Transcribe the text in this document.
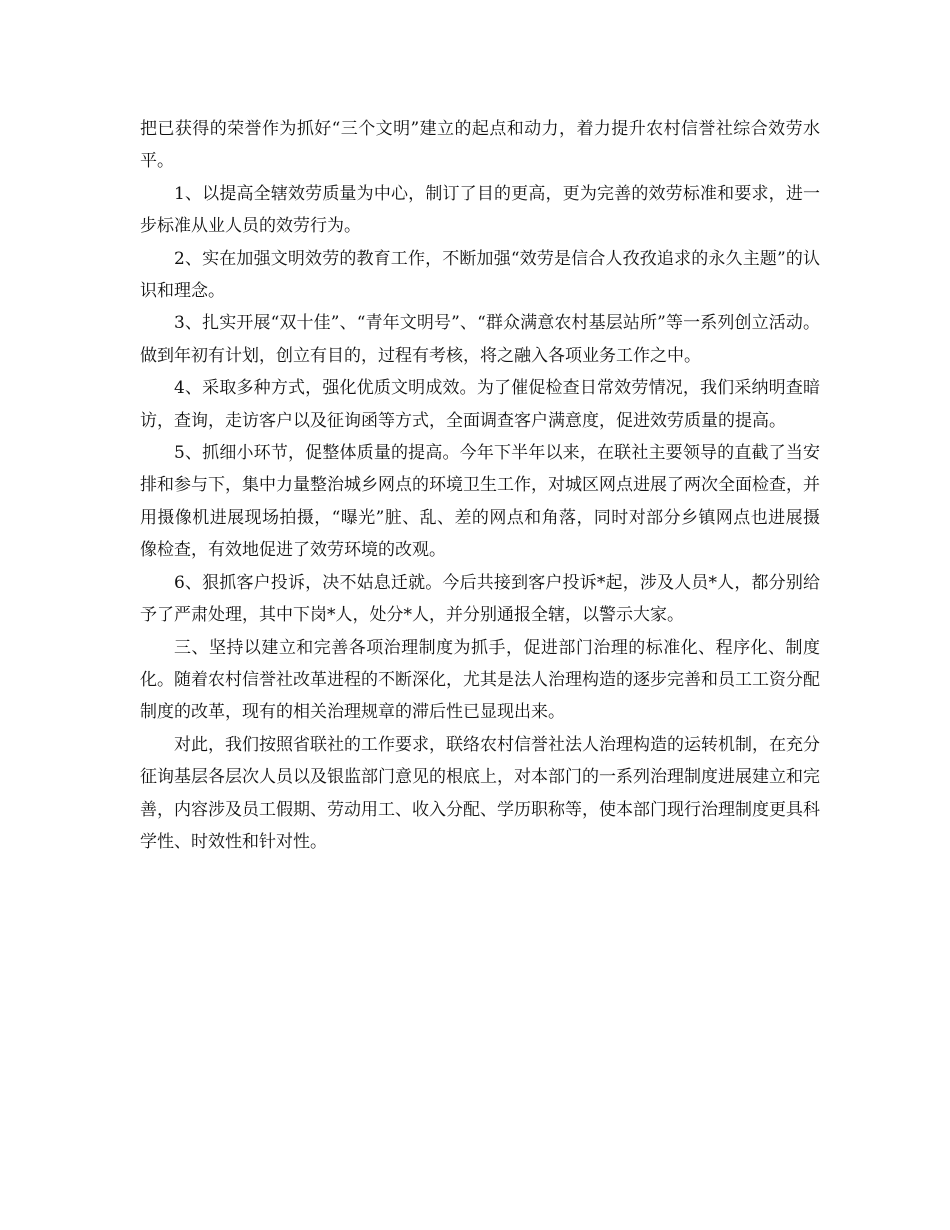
把已获得的荣誉作为抓好“三个文明”建立的起点和动力，着力提升农村信誉社综合效劳水平。

1、以提高全辖效劳质量为中心，制订了目的更高，更为完善的效劳标准和要求，进一步标准从业人员的效劳行为。

2、实在加强文明效劳的教育工作，不断加强“效劳是信合人孜孜追求的永久主题”的认识和理念。

3、扎实开展“双十佳”、“青年文明号”、“群众满意农村基层站所”等一系列创立活动。做到年初有计划，创立有目的，过程有考核，将之融入各项业务工作之中。

4、采取多种方式，强化优质文明成效。为了催促检查日常效劳情况，我们采纳明查暗访，查询，走访客户以及征询函等方式，全面调查客户满意度，促进效劳质量的提高。

5、抓细小环节，促整体质量的提高。今年下半年以来，在联社主要领导的直截了当安排和参与下，集中力量整治城乡网点的环境卫生工作，对城区网点进展了两次全面检查，并用摄像机进展现场拍摄，“曝光”脏、乱、差的网点和角落，同时对部分乡镇网点也进展摄像检查，有效地促进了效劳环境的改观。

6、狠抓客户投诉，决不姑息迁就。今后共接到客户投诉*起，涉及人员*人，都分别给予了严肃处理，其中下岗*人，处分*人，并分别通报全辖，以警示大家。

三、坚持以建立和完善各项治理制度为抓手，促进部门治理的标准化、程序化、制度化。随着农村信誉社改革进程的不断深化，尤其是法人治理构造的逐步完善和员工工资分配制度的改革，现有的相关治理规章的滞后性已显现出来。

对此，我们按照省联社的工作要求，联络农村信誉社法人治理构造的运转机制，在充分征询基层各层次人员以及银监部门意见的根底上，对本部门的一系列治理制度进展建立和完善，内容涉及员工假期、劳动用工、收入分配、学历职称等，使本部门现行治理制度更具科学性、时效性和针对性。
